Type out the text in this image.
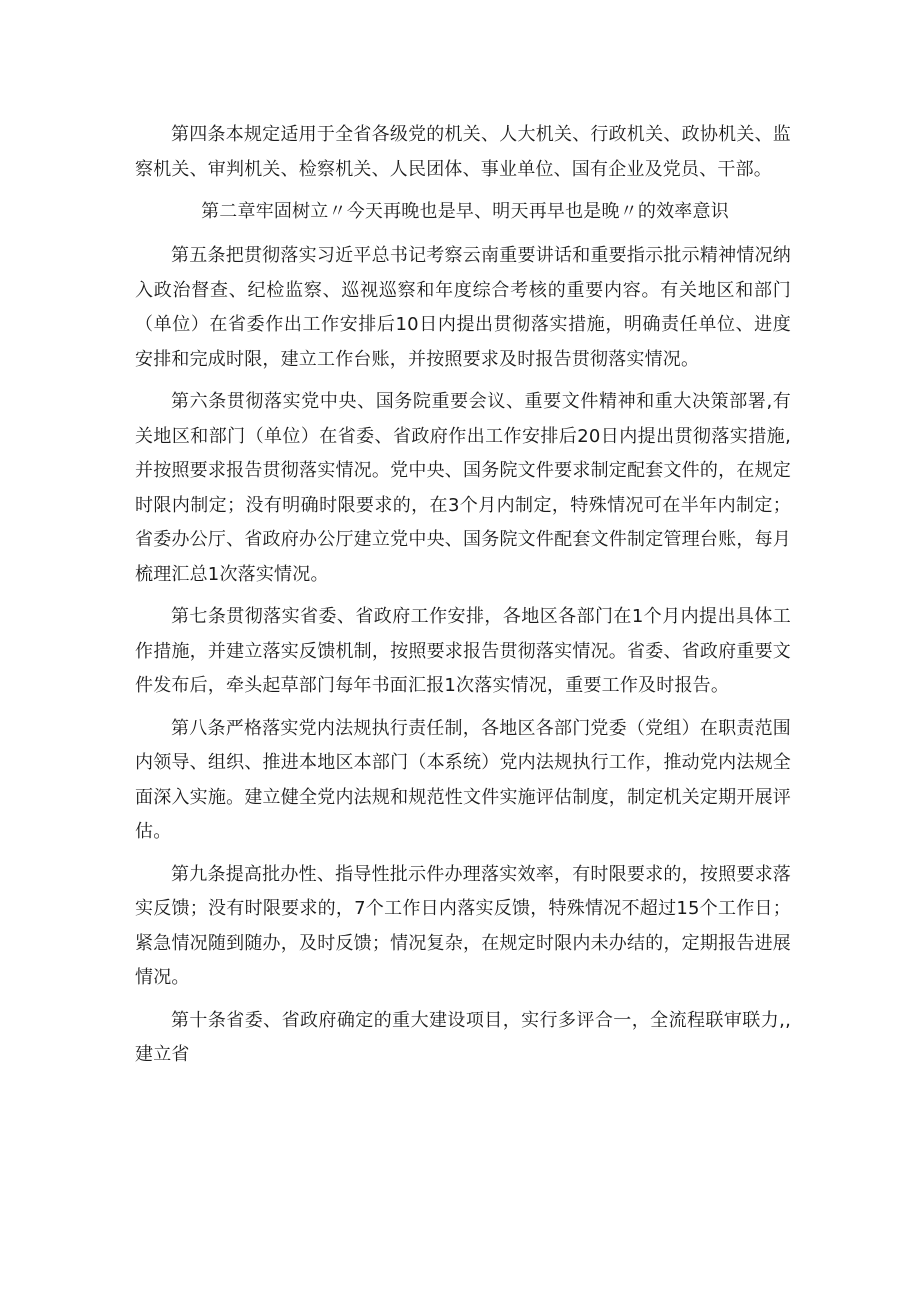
第四条本规定适用于全省各级党的机关、人大机关、行政机关、政协机关、监察机关、审判机关、检察机关、人民团体、事业单位、国有企业及党员、干部。

第二章牢固树立〃今天再晚也是早、明天再早也是晚〃的效率意识

第五条把贯彻落实习近平总书记考察云南重要讲话和重要指示批示精神情况纳入政治督查、纪检监察、巡视巡察和年度综合考核的重要内容。有关地区和部门（单位）在省委作出工作安排后10日内提出贯彻落实措施，明确责任单位、进度安排和完成时限，建立工作台账，并按照要求及时报告贯彻落实情况。

第六条贯彻落实党中央、国务院重要会议、重要文件精神和重大决策部署,有关地区和部门（单位）在省委、省政府作出工作安排后20日内提出贯彻落实措施,并按照要求报告贯彻落实情况。党中央、国务院文件要求制定配套文件的，在规定时限内制定；没有明确时限要求的，在3个月内制定，特殊情况可在半年内制定；省委办公厅、省政府办公厅建立党中央、国务院文件配套文件制定管理台账，每月梳理汇总1次落实情况。

第七条贯彻落实省委、省政府工作安排，各地区各部门在1个月内提出具体工作措施，并建立落实反馈机制，按照要求报告贯彻落实情况。省委、省政府重要文件发布后，牵头起草部门每年书面汇报1次落实情况，重要工作及时报告。

第八条严格落实党内法规执行责任制，各地区各部门党委（党组）在职责范围内领导、组织、推进本地区本部门（本系统）党内法规执行工作，推动党内法规全面深入实施。建立健全党内法规和规范性文件实施评估制度，制定机关定期开展评估。

第九条提高批办性、指导性批示件办理落实效率，有时限要求的，按照要求落实反馈；没有时限要求的，7个工作日内落实反馈，特殊情况不超过15个工作日；紧急情况随到随办，及时反馈；情况复杂，在规定时限内未办结的，定期报告进展情况。

第十条省委、省政府确定的重大建设项目，实行多评合一，全流程联审联力,,建立省
